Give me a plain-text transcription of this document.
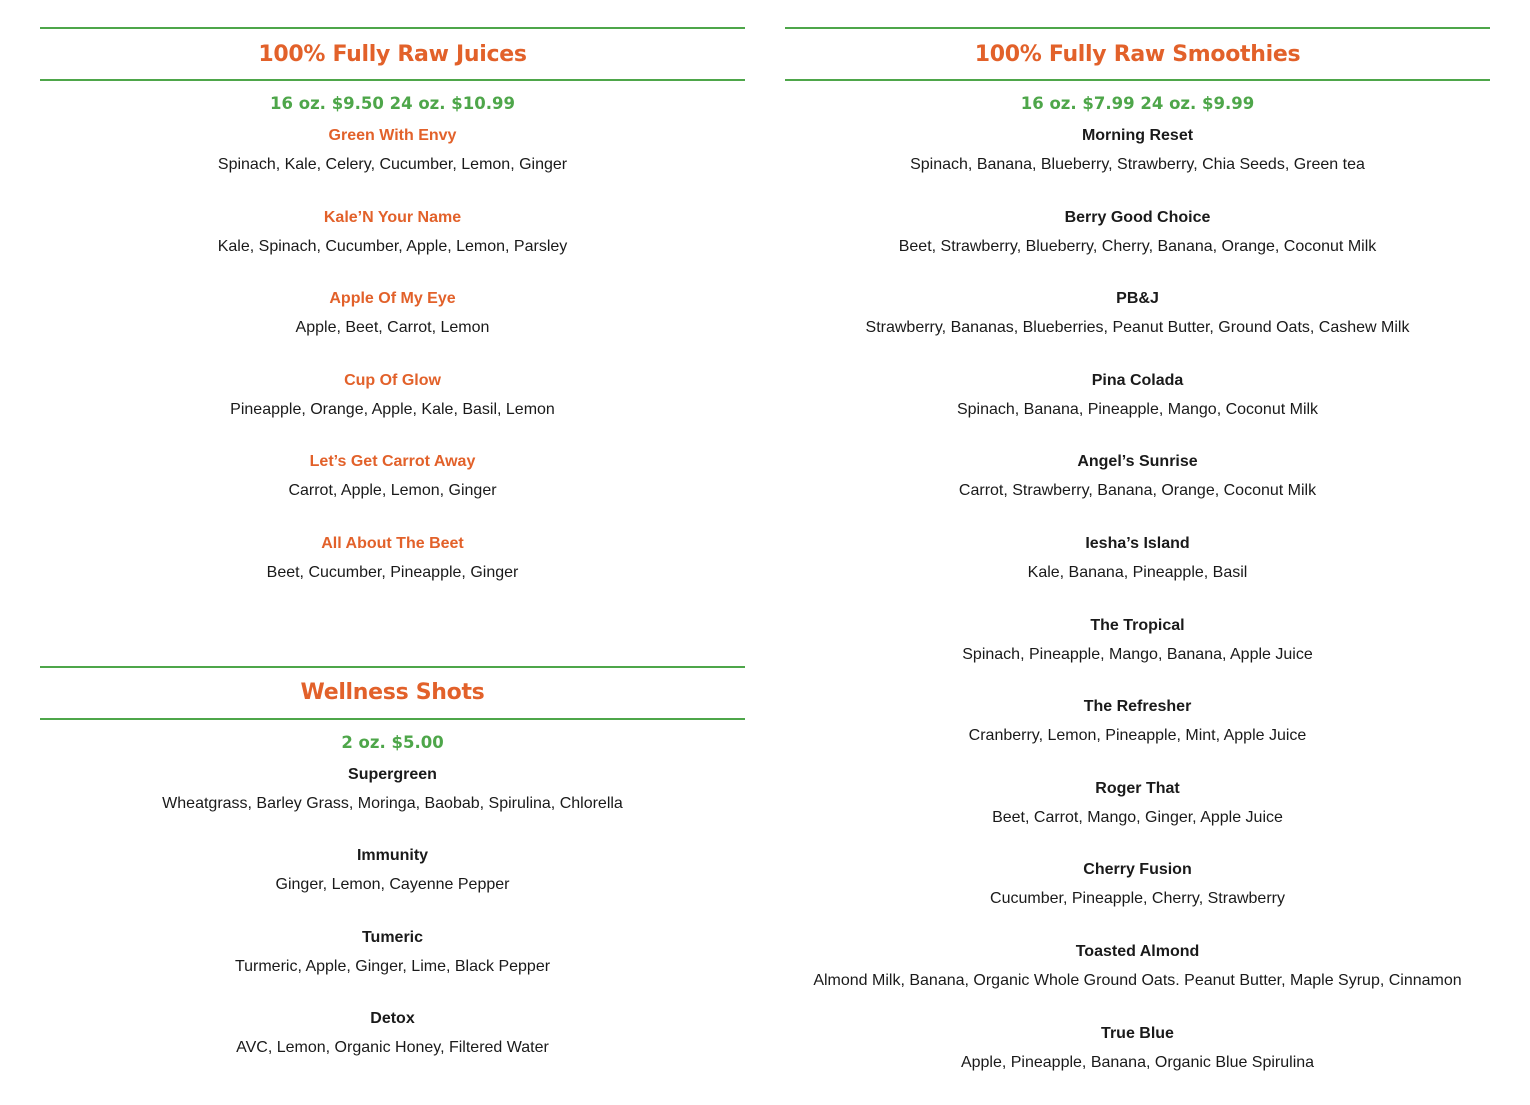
100% Fully Raw Juices
16 oz. $9.50 24 oz. $10.99
Green With Envy
Spinach, Kale, Celery, Cucumber, Lemon, Ginger
Kale’N Your Name
Kale, Spinach, Cucumber, Apple, Lemon, Parsley
Apple Of My Eye
Apple, Beet, Carrot, Lemon
Cup Of Glow
Pineapple, Orange, Apple, Kale, Basil, Lemon
Let’s Get Carrot Away
Carrot, Apple, Lemon, Ginger
All About The Beet
Beet, Cucumber, Pineapple, Ginger
Wellness Shots
2 oz. $5.00
Supergreen
Wheatgrass, Barley Grass, Moringa, Baobab, Spirulina, Chlorella
Immunity
Ginger, Lemon, Cayenne Pepper
Tumeric
Turmeric, Apple, Ginger, Lime, Black Pepper
Detox
AVC, Lemon, Organic Honey, Filtered Water
100% Fully Raw Smoothies
16 oz. $7.99 24 oz. $9.99
Morning Reset
Spinach, Banana, Blueberry, Strawberry, Chia Seeds, Green tea
Berry Good Choice
Beet, Strawberry, Blueberry, Cherry, Banana, Orange, Coconut Milk
PB&J
Strawberry, Bananas, Blueberries, Peanut Butter, Ground Oats, Cashew Milk
Pina Colada
Spinach, Banana, Pineapple, Mango, Coconut Milk
Angel’s Sunrise
Carrot, Strawberry, Banana, Orange, Coconut Milk
Iesha’s Island
Kale, Banana, Pineapple, Basil
The Tropical
Spinach, Pineapple, Mango, Banana, Apple Juice
The Refresher
Cranberry, Lemon, Pineapple, Mint, Apple Juice
Roger That
Beet, Carrot, Mango, Ginger, Apple Juice
Cherry Fusion
Cucumber, Pineapple, Cherry, Strawberry
Toasted Almond
Almond Milk, Banana, Organic Whole Ground Oats. Peanut Butter, Maple Syrup, Cinnamon
True Blue
Apple, Pineapple, Banana, Organic Blue Spirulina
